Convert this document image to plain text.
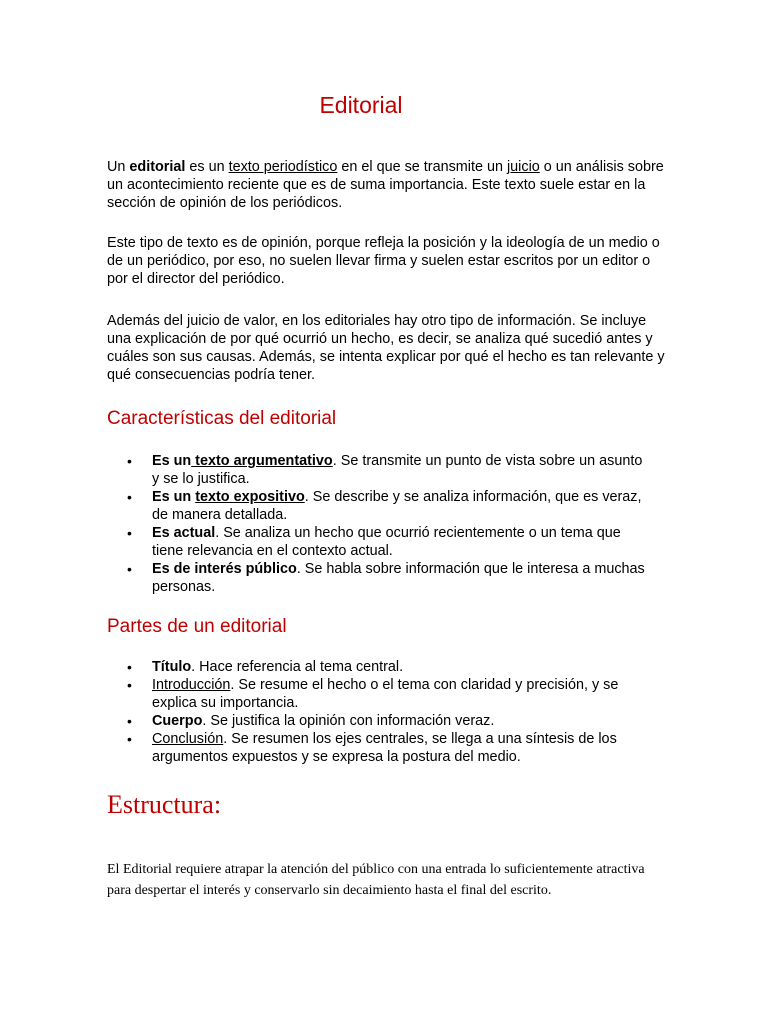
Editorial

Un editorial es un texto periodístico en el que se transmite un juicio o un análisis sobre un acontecimiento reciente que es de suma importancia. Este texto suele estar en la sección de opinión de los periódicos.

Este tipo de texto es de opinión, porque refleja la posición y la ideología de un medio o de un periódico, por eso, no suelen llevar firma y suelen estar escritos por un editor o por el director del periódico.

Además del juicio de valor, en los editoriales hay otro tipo de información. Se incluye una explicación de por qué ocurrió un hecho, es decir, se analiza qué sucedió antes y cuáles son sus causas. Además, se intenta explicar por qué el hecho es tan relevante y qué consecuencias podría tener.

Características del editorial
• Es un texto argumentativo. Se transmite un punto de vista sobre un asunto y se lo justifica.
• Es un texto expositivo. Se describe y se analiza información, que es veraz, de manera detallada.
• Es actual. Se analiza un hecho que ocurrió recientemente o un tema que tiene relevancia en el contexto actual.
• Es de interés público. Se habla sobre información que le interesa a muchas personas.
Partes de un editorial
• Título. Hace referencia al tema central.
• Introducción. Se resume el hecho o el tema con claridad y precisión, y se explica su importancia.
• Cuerpo. Se justifica la opinión con información veraz.
• Conclusión. Se resumen los ejes centrales, se llega a una síntesis de los argumentos expuestos y se expresa la postura del medio.
Estructura:

El Editorial requiere atrapar la atención del público con una entrada lo suficientemente atractiva para despertar el interés y conservarlo sin decaimiento hasta el final del escrito.
